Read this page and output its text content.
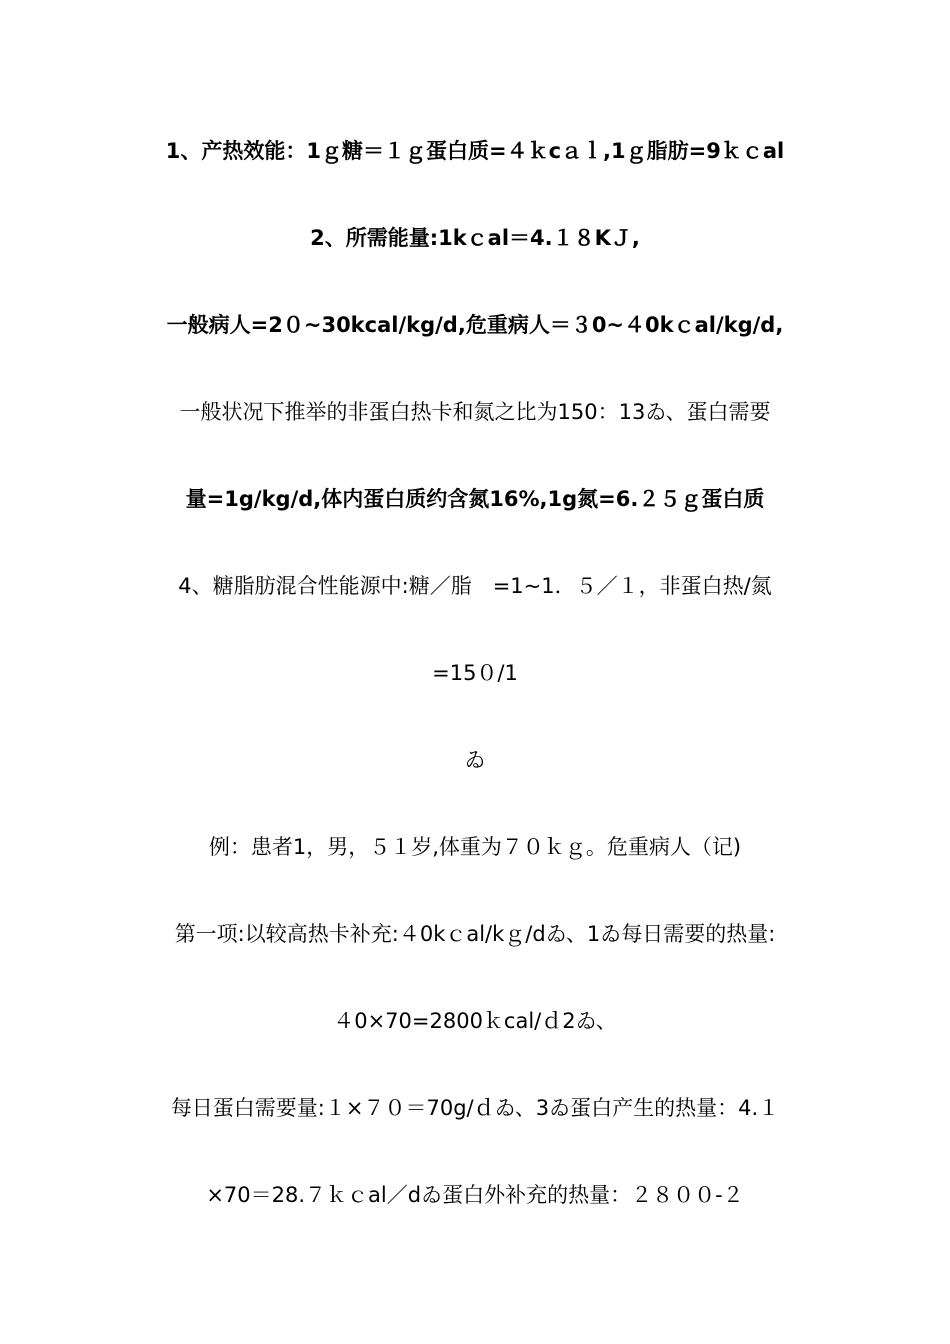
1、产热效能：1ｇ糖＝１ｇ蛋白质=４ｋcａｌ,1ｇ脂肪=9ｋｃal
2、所需能量:1kｃal＝4.１８KＪ,
一般病人=2０~30kcal/kg/d,危重病人＝３0~４0kｃal/kg/d,
一般状况下推举的非蛋白热卡和氮之比为150：13ゐ、蛋白需要
量=1g/kg/d,体内蛋白质约含氮16%,1g氮=6.２５ｇ蛋白质
4、糖脂肪混合性能源中:糖／脂　=1~1．５／１，非蛋白热/氮
=15０/1
ゐ
例：患者1，男，５１岁,体重为７０ｋｇ。危重病人（记)
第一项:以较高热卡补充:４0kｃal/kｇ/dゐ、1ゐ每日需要的热量:
４0×70=2800ｋcal/ｄ2ゐ、
每日蛋白需要量:１×７０＝70g/ｄゐ、3ゐ蛋白产生的热量：4.１
×70＝28.７ｋｃal／dゐ蛋白外补充的热量：２８００-２
